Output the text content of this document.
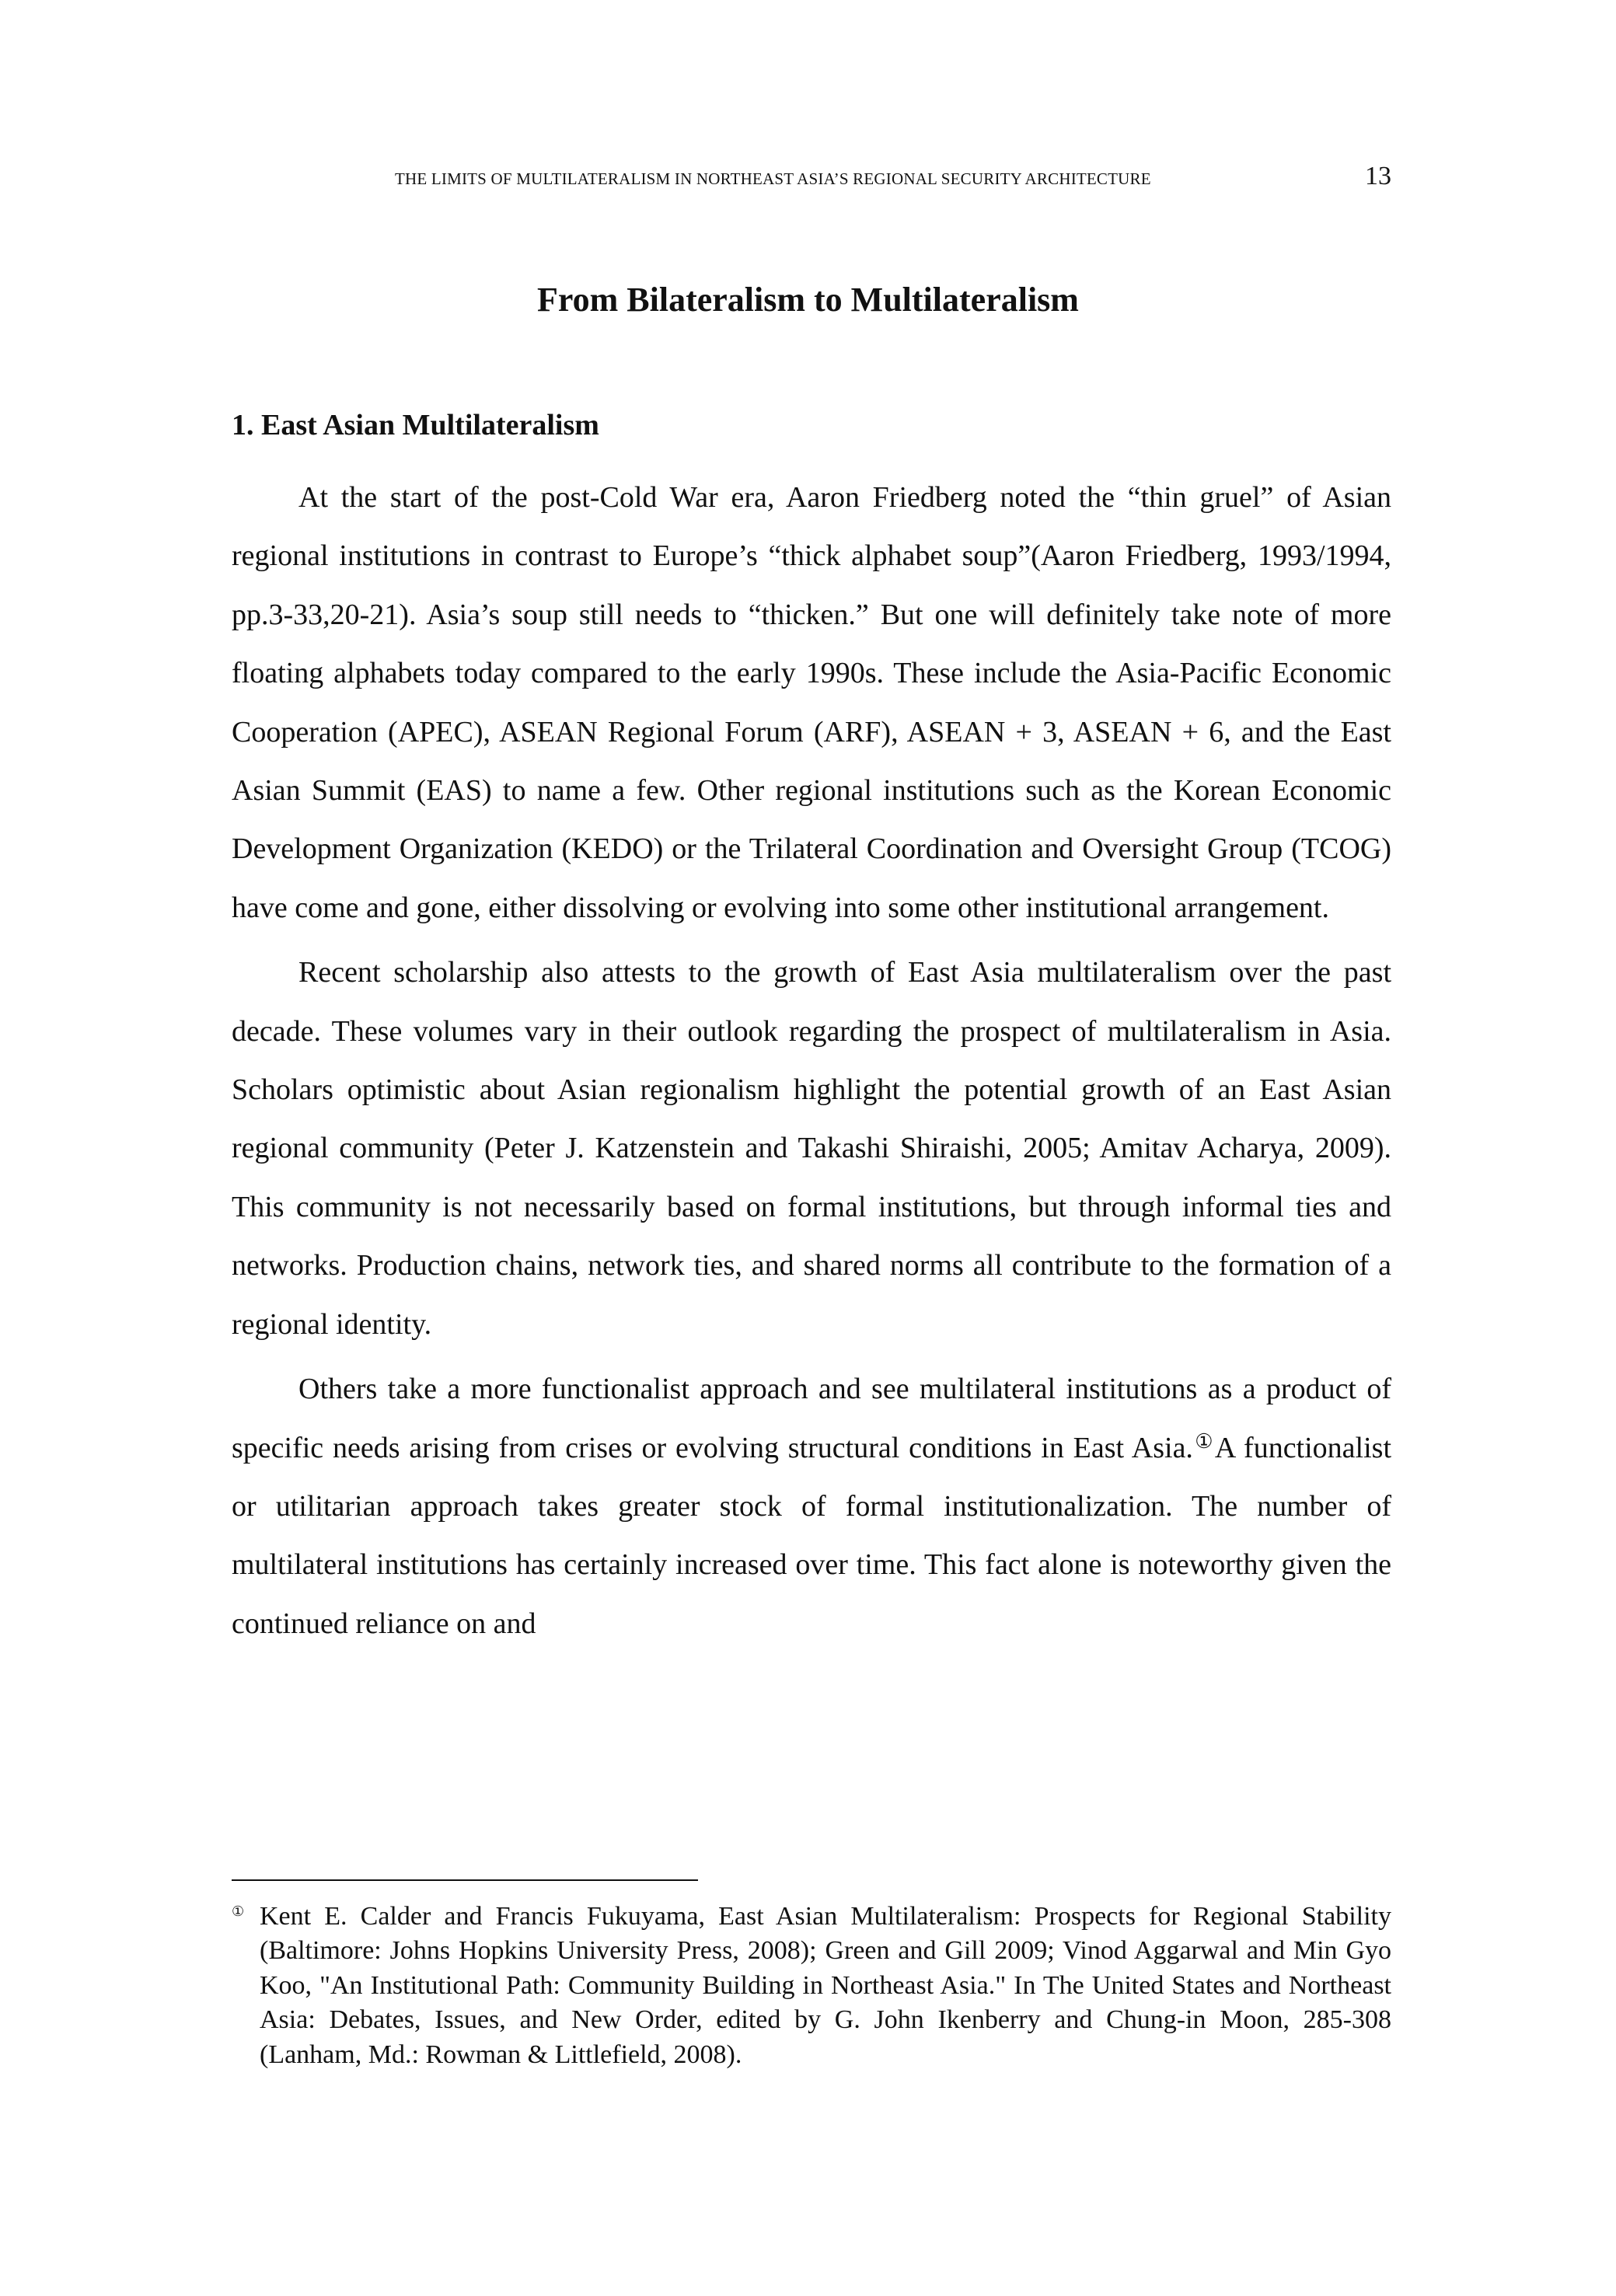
THE LIMITS OF MULTILATERALISM IN NORTHEAST ASIA’S REGIONAL SECURITY ARCHITECTURE	13
From Bilateralism to Multilateralism
1. East Asian Multilateralism

At the start of the post-Cold War era, Aaron Friedberg noted the “thin gruel” of Asian regional institutions in contrast to Europe’s “thick alphabet soup”(Aaron Friedberg, 1993/1994, pp.3-33,20-21). Asia’s soup still needs to “thicken.” But one will definitely take note of more floating alphabets today compared to the early 1990s. These include the Asia-Pacific Economic Cooperation (APEC), ASEAN Regional Forum (ARF), ASEAN + 3, ASEAN + 6, and the East Asian Summit (EAS) to name a few. Other regional institutions such as the Korean Economic Development Organization (KEDO) or the Trilateral Coordination and Oversight Group (TCOG) have come and gone, either dissolving or evolving into some other institutional arrangement.

Recent scholarship also attests to the growth of East Asia multilateralism over the past decade. These volumes vary in their outlook regarding the prospect of multilateralism in Asia. Scholars optimistic about Asian regionalism highlight the potential growth of an East Asian regional community (Peter J. Katzenstein and Takashi Shiraishi, 2005; Amitav Acharya, 2009). This community is not necessarily based on formal institutions, but through informal ties and networks. Production chains, network ties, and shared norms all contribute to the formation of a regional identity.

Others take a more functionalist approach and see multilateral institutions as a product of specific needs arising from crises or evolving structural conditions in East Asia.①A functionalist or utilitarian approach takes greater stock of formal institutionalization. The number of multilateral institutions has certainly increased over time. This fact alone is noteworthy given the continued reliance on and

① Kent E. Calder and Francis Fukuyama, East Asian Multilateralism: Prospects for Regional Stability (Baltimore: Johns Hopkins University Press, 2008); Green and Gill 2009; Vinod Aggarwal and Min Gyo Koo, "An Institutional Path: Community Building in Northeast Asia." In The United States and Northeast Asia: Debates, Issues, and New Order, edited by G. John Ikenberry and Chung-in Moon, 285-308 (Lanham, Md.: Rowman & Littlefield, 2008).
